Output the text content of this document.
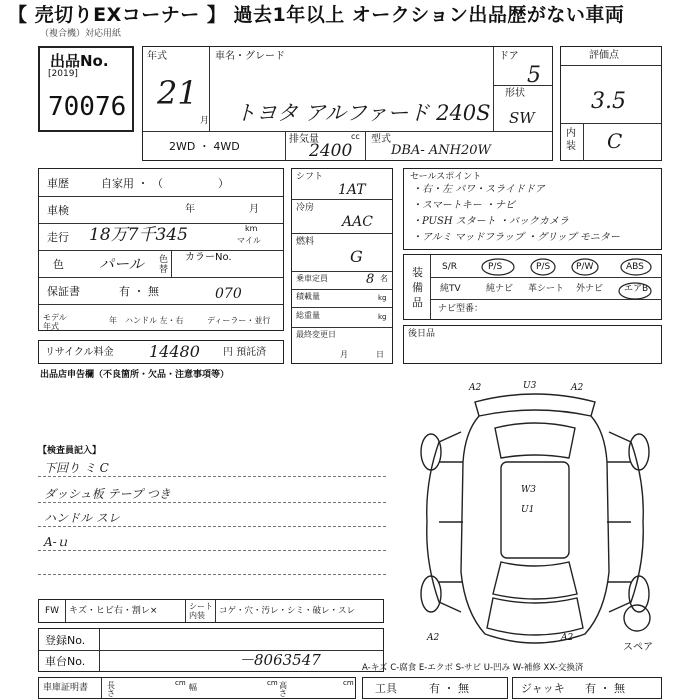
【 売切りEXコーナー 】 過去1年以上 オークション出品歴がない車両
（複合機）対応用紙
出品No.
[2019]
70076
年式
21
月
車名・グレード
トヨタ アルファード 240S
ドア
5
形状
SW
2WD ・ 4WD
排気量	cc
2400
型式
DBA- ANH20W
評価点
3.5
内装 C
車歴	自家用 ・ （　　　　　）
車検	年	月
走行 18万7千345	km
マイル
色 パール 色替
カラーNo.
070
保証書	有 ・ 無
モデル年式
年 ハンドル 左・右	ディーラー・並行
リサイクル料金 14480 円 預託済
シフト
1AT
冷房
AAC
燃料
G
乗車定員	8 名
積載量	kg
総重量	kg
最終変更日
月	日
セールスポイント
・右・左 パワ・スライドドア
・スマートキー ・ナビ
・PUSH スタート ・バックカメラ
・アルミ マッドフラップ ・グリップ モニター
装備品
S/R	P/S	P/S	P/W	ABS
純TV	純ナビ 革シート 外ナビ エアB
ナビ型番：
後日品
出品店申告欄（不良箇所・欠品・注意事項等）
【検査員記入】
下回り ミ C
ダッシュ板 テープ つき
ハンドル スレ
A-ｕ
A2	A2
U3
W3
U1
A2	A2
スペア
FW キズ・ヒビ右・割レ×	シート内装	コゲ・穴・汚レ・シミ・破レ・スレ
登録No.
車台No.	－8063547
車庫証明書 長さ
cm 幅	cm 高さ
cm
A-キズ C-腐食 E-エクボ S-サビ U-凹み W-補修 XX-交換済
工具	有 ・ 無	ジャッキ 有 ・ 無
